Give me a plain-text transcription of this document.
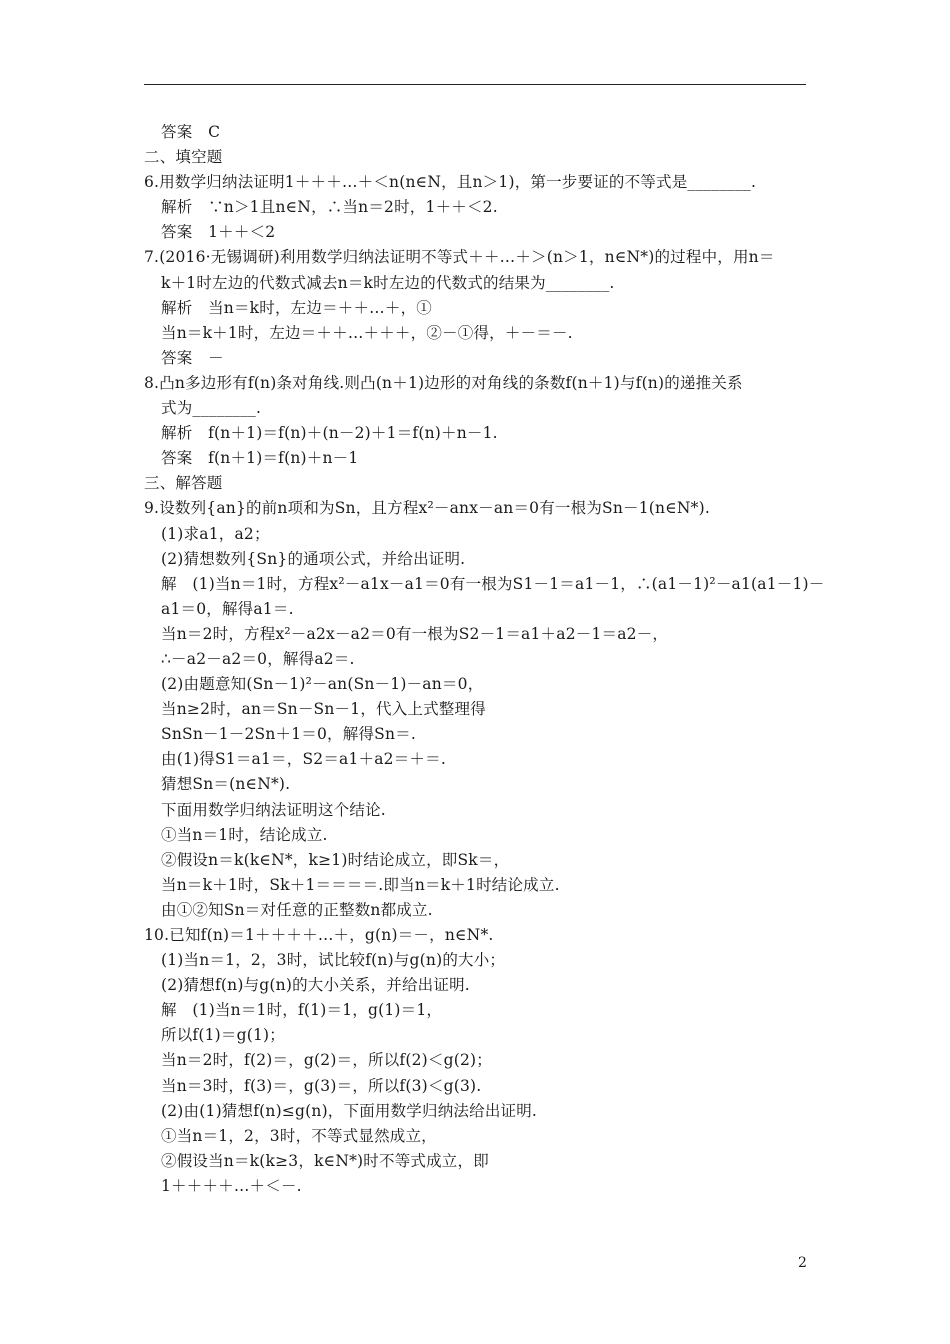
答案　C
二、填空题
6.用数学归纳法证明1＋＋＋…＋＜n(n∈N，且n＞1)，第一步要证的不等式是________.
解析　∵n＞1且n∈N，∴当n＝2时，1＋＋＜2.
答案　1＋＋＜2
7.(2016·无锡调研)利用数学归纳法证明不等式＋＋…＋＞(n＞1，n∈N*)的过程中，用n＝
k＋1时左边的代数式减去n＝k时左边的代数式的结果为________.
解析　当n＝k时，左边＝＋＋…＋，①
当n＝k＋1时，左边＝＋＋…＋＋＋，②－①得，＋－＝－.
答案　－
8.凸n多边形有f(n)条对角线.则凸(n＋1)边形的对角线的条数f(n＋1)与f(n)的递推关系
式为________.
解析　f(n＋1)＝f(n)＋(n－2)＋1＝f(n)＋n－1.
答案　f(n＋1)＝f(n)＋n－1
三、解答题
9.设数列{an}的前n项和为Sn，且方程x²－anx－an＝0有一根为Sn－1(n∈N*).
(1)求a1，a2；
(2)猜想数列{Sn}的通项公式，并给出证明.
解　(1)当n＝1时，方程x²－a1x－a1＝0有一根为S1－1＝a1－1，∴(a1－1)²－a1(a1－1)－
a1＝0，解得a1＝.
当n＝2时，方程x²－a2x－a2＝0有一根为S2－1＝a1＋a2－1＝a2－，
∴－a2－a2＝0，解得a2＝.
(2)由题意知(Sn－1)²－an(Sn－1)－an＝0，
当n≥2时，an＝Sn－Sn－1，代入上式整理得
SnSn－1－2Sn＋1＝0，解得Sn＝.
由(1)得S1＝a1＝，S2＝a1＋a2＝＋＝.
猜想Sn＝(n∈N*).
下面用数学归纳法证明这个结论.
①当n＝1时，结论成立.
②假设n＝k(k∈N*，k≥1)时结论成立，即Sk＝，
当n＝k＋1时，Sk＋1＝＝＝＝.即当n＝k＋1时结论成立.
由①②知Sn＝对任意的正整数n都成立.
10.已知f(n)＝1＋＋＋＋…＋，g(n)＝－，n∈N*.
(1)当n＝1，2，3时，试比较f(n)与g(n)的大小；
(2)猜想f(n)与g(n)的大小关系，并给出证明.
解　(1)当n＝1时，f(1)＝1，g(1)＝1，
所以f(1)＝g(1)；
当n＝2时，f(2)＝，g(2)＝，所以f(2)＜g(2)；
当n＝3时，f(3)＝，g(3)＝，所以f(3)＜g(3).
(2)由(1)猜想f(n)≤g(n)，下面用数学归纳法给出证明.
①当n＝1，2，3时，不等式显然成立，
②假设当n＝k(k≥3，k∈N*)时不等式成立，即
1＋＋＋＋…＋＜－.
2
